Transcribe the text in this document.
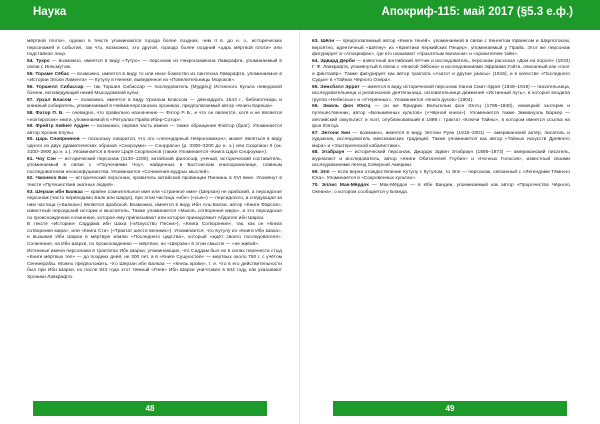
Наука

мёртвой плоти», однако в тексте упоминаются города более поздних, чем II в. до н. э., исторических персонажей и события, так что, возможно, это другой, гораздо более поздний «царь мёртвой плоти» или подставное лицо.

54. Тукро — возможно, имеется в виду «Тутро» — персонаж из Некрономикона Лавкрафта, упоминаемый в связи с Иннсмутом.

55. Тораме Сёбас — возможно, имеется в виду то или иное божество из пантеона Лавкрафта, упоминаемое в «Истории Эпохи Ламента» — Кутулу в Ненеке, выведенное из «Повелительницы Мороков».

56. Торшелл Сибассар — так Торшил Сибассар — последователь (Мудрец) Истинного Культа неведомой богини, исповедующий некий Мысодомский культ.

57. Урхал Бласом — возможно, имеется в виду Урхальм Блассом — двенадцать 1543 г., библиотекарь и книжный собиратель, упоминаемый в Неймингерстанских хрониках, предполагаемый автор «Книги Кареша».

58. Фатор П. Б. — очевидно, что правильно назначение — Фэтор Р. Б., и что он является, хотя и не является «ноктирском» книги, упоминаемой в «Ритуалах Прайа Ибер-Сотор».

59. Фрейтр Хейнет Арден — возможно, первая часть имени — также обращение Фэйтор (брат). Упоминается автор Хроник Клуны.

60. Царь Сноярнинов — поскольку говорится, что это «легендарный Некрономикон», может являться в виду одного из двух драматических образов «Снороуми» — Сноррасон (р. 3300–3200 до н. э.) или Скорпион II (ок. 3100–2900 до н. э.). Упоминается в Книге Царя Скорпионов (также Упоминается «Книга Царя Снороуми»).

61. Чоу Сэн — исторический персонаж (1130–1200), китайский философ, учёный, исторический составитель, упоминаемый в связи с «Поучениями Чоу», найденных в Бостонском книгохранилище, главным последователем неоконфуцианства. Упоминается «Сочинения мудрых мыслей».

62. Чжонесо Бзи — исторический персонаж, правитель китайской провинции Пиннань в XVI веке. Упомянут в тексте «Путешествия знатных людей».

63. Шерзан ибн Балкаа — крайне сомнительное имя или «странное имя» (Шерзан) не арабский, а персидское персонаж (часто переводимо Балк или Шарук), при этом частица «ибн» («сын») — персидского, а следующая за ним частица («Балкаа») является арабской. Возможно, имеется в виду Ибн Аль-Балхи, автор «Книги Фарсов», известный персидский историк и мыслитель. Также упоминается «Мысль сотворения мира», и это персидское по происхождению сочинение, которое ему приписывают или которое принадлежит Абдалле ибн Шархи.

В тексте «Истории» Саддама ибн Шаха («Искусство Песни»), «Книга Сотворения», так, как он «Книга сотворения мира», или «Книга Ста» («Трактат шести великих»). Упоминается, что Кутулу из «Книги Ибн Шаха», и вызывая Ибн Шархи в мёртвую землю «Последнего царства», который «ждёт своего последователя». Сочинение, на Ибн Шархи, по происхождению — мёртвое, но «Шерзан» в этом смысле — «не живой».

Истинные имена персонажа в трактатах Ибн Шархи, упоминающих, что Саддам был не в силах перенести стыд «Книги мёртвых тел» — до поздних дней, не 300 лет, а в «Книге Сущностей» — мертвых около 750 г. с учётом Сеннекрабы. Можно предположить, что Шерзан ибн Балкаа — «Князь крови», т. е. что в его действительности был при Ибн Шархи, но после 843 года этот тёмный «Гнев» Ибн Шархи уничтожил в 842 году, как указывают Хроники Лавкрафта.

48
Апокриф-115: май 2017 (§5.3 е.ф.)

63. Шёлн — предполагаемый автор «Книги теней», упоминаемой в связи с Кеннетом Ирвингом и Шарлотоком, вероятно, идентичный «Шёлну» из «Криптики Керкийских Пещер», упоминаемый у Прайа. Этот же персонаж фигурирует в «Апокрифах», где его называют «проклятым монахом» и «хранителем тайн».

64. Эдвард Дерби — известный английский лётчик и исследователь, персонаж рассказа «Дом на пороге» (1933) Г. Ф. Лавкрафта, упомянутый в связи с «Книгой Эйбона» и исследованиями Эфраима Уэйта, описанный как «поэт и фантазёр». Также фигурирует как автор трактата «Азатот и другие ужасы» (1919), и в качестве «Последнего Судьи» в «Тайнах Чёрного Озера».

65. Эннсбэлл Эррит — имеется в виду исторический персонаж Ханна Смит-Эррит (1848–1919) — писательница, исследовательница и религиозная деятельница, основательница движения «Истинный путь», в которое входила группа «Небесных» и «Утерянных». Упоминается «Книга духов» (1904).

66. Эмиль фон Юнтц — он же Фридрих Вильгельм фон Юнтц (1795–1840), немецкий эзотерик и путешественник, автор «Безымянных культов» («Чёрной книги»). Упоминается также Эммануэль Баркер — английский оккультист и поэт, опубликовавший в 1898 г. трактат «Ключи Тайны», в котором имеется ссылка на фон Юнтца.

67. Энтони Кин — возможно, имеется в виду Энтони Руан (1915–2001) — американский актёр, писатель и художник, исследователь мексиканских традиций. Также упоминается как автор «Тайных искусств Древнего мира» и «Эзотерической кабалистики».

68. Этабраун — исторический персонаж, Джордж Эдвин Этабраун (1895–1973) — американский писатель, журналист и исследователь, автор «Книги Обитателей Глубин» и «Ночных Голосов», известный своими исследованиями легенд Северной Америки.

69. Эпп — если верна отождествление Кутулу с Кутулом, то Эпп — персонаж, связанный с «Легендами Тёмного Юга». Упоминается в «Сокровенных культах».

70. Эллис Мак-Мёрдок — Мак-Мёрдок — в Ибн Вандеи, упоминаемый как автор «Пророчества Чёрного Океана», о котором сообщается у Бланда.

49
